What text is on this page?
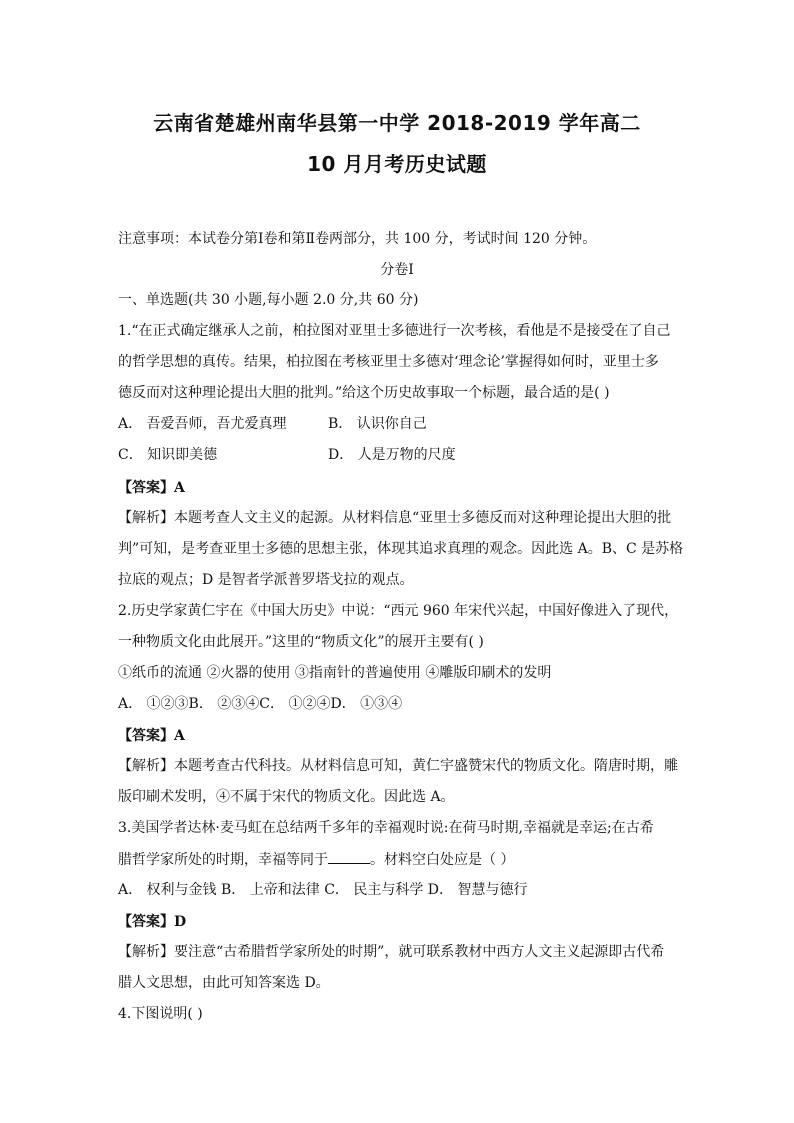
云南省楚雄州南华县第一中学 2018-2019 学年高二
10 月月考历史试题
注意事项：本试卷分第Ⅰ卷和第Ⅱ卷两部分，共 100 分，考试时间 120 分钟。
分卷Ⅰ
一、单选题(共 30 小题,每小题 2.0 分,共 60 分)
1.“在正式确定继承人之前，柏拉图对亚里士多德进行一次考核，看他是不是接受在了自己
的哲学思想的真传。结果，柏拉图在考核亚里士多德对‘理念论’掌握得如何时，亚里士多
德反而对这种理论提出大胆的批判。”给这个历史故事取一个标题，最合适的是( )
A． 吾爱吾师，吾尤爱真理	B． 认识你自己
C． 知识即美德	D． 人是万物的尺度
【答案】A
【解析】本题考查人文主义的起源。从材料信息“亚里士多德反而对这种理论提出大胆的批
判”可知，是考查亚里士多德的思想主张，体现其追求真理的观念。因此选 A。B、C 是苏格
拉底的观点；D 是智者学派普罗塔戈拉的观点。
2.历史学家黄仁宇在《中国大历史》中说：“西元 960 年宋代兴起，中国好像进入了现代，
一种物质文化由此展开。”这里的“物质文化”的展开主要有( )
①纸币的流通 ②火器的使用 ③指南针的普遍使用 ④雕版印刷术的发明
A． ①②③B． ②③④C． ①②④D． ①③④
【答案】A
【解析】本题考查古代科技。从材料信息可知，黄仁宇盛赞宋代的物质文化。隋唐时期，雕
版印刷术发明，④不属于宋代的物质文化。因此选 A。
3.美国学者达林·麦马虹在总结两千多年的幸福观时说:在荷马时期,幸福就是幸运;在古希
腊哲学家所处的时期，幸福等同于	。材料空白处应是（ ）
A． 权利与金钱 B． 上帝和法律 C． 民主与科学 D． 智慧与德行
【答案】D
【解析】要注意“古希腊哲学家所处的时期”，就可联系教材中西方人文主义起源即古代希
腊人文思想，由此可知答案选 D。
4.下图说明( )
